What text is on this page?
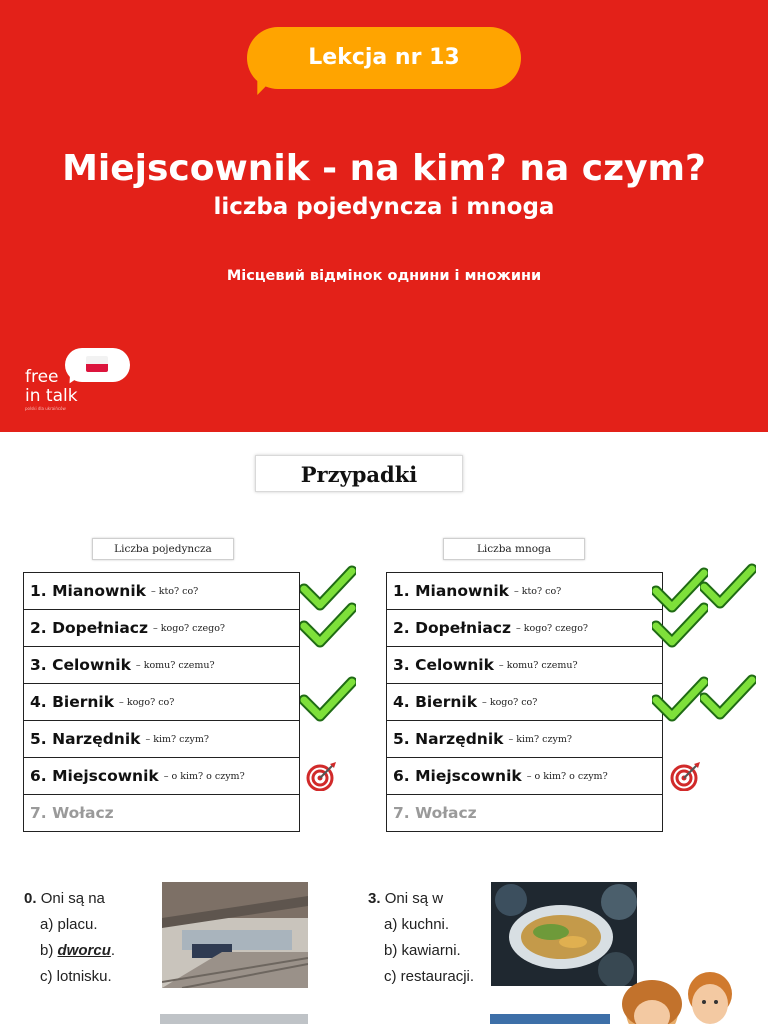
Lekcja nr 13
Miejscownik - na kim? na czym?
liczba pojedyncza i mnoga
Місцевий відмінок однини і множини
free
in talk
polski dla ukraińców
Przypadki
Liczba pojedyncza	Liczba mnoga
1. Mianownik – kto? co?
2. Dopełniacz – kogo? czego?
3. Celownik – komu? czemu?
4. Biernik – kogo? co?
5. Narzędnik – kim? czym?
6. Miejscownik – o kim? o czym?
7. Wołacz
1. Mianownik – kto? co?
2. Dopełniacz – kogo? czego?
3. Celownik – komu? czemu?
4. Biernik – kogo? co?
5. Narzędnik – kim? czym?
6. Miejscownik – o kim? o czym?
7. Wołacz
0. Oni są na
a) placu.
b) dworcu.
c) lotnisku.
3. Oni są w
a) kuchni.
b) kawiarni.
c) restauracji.
